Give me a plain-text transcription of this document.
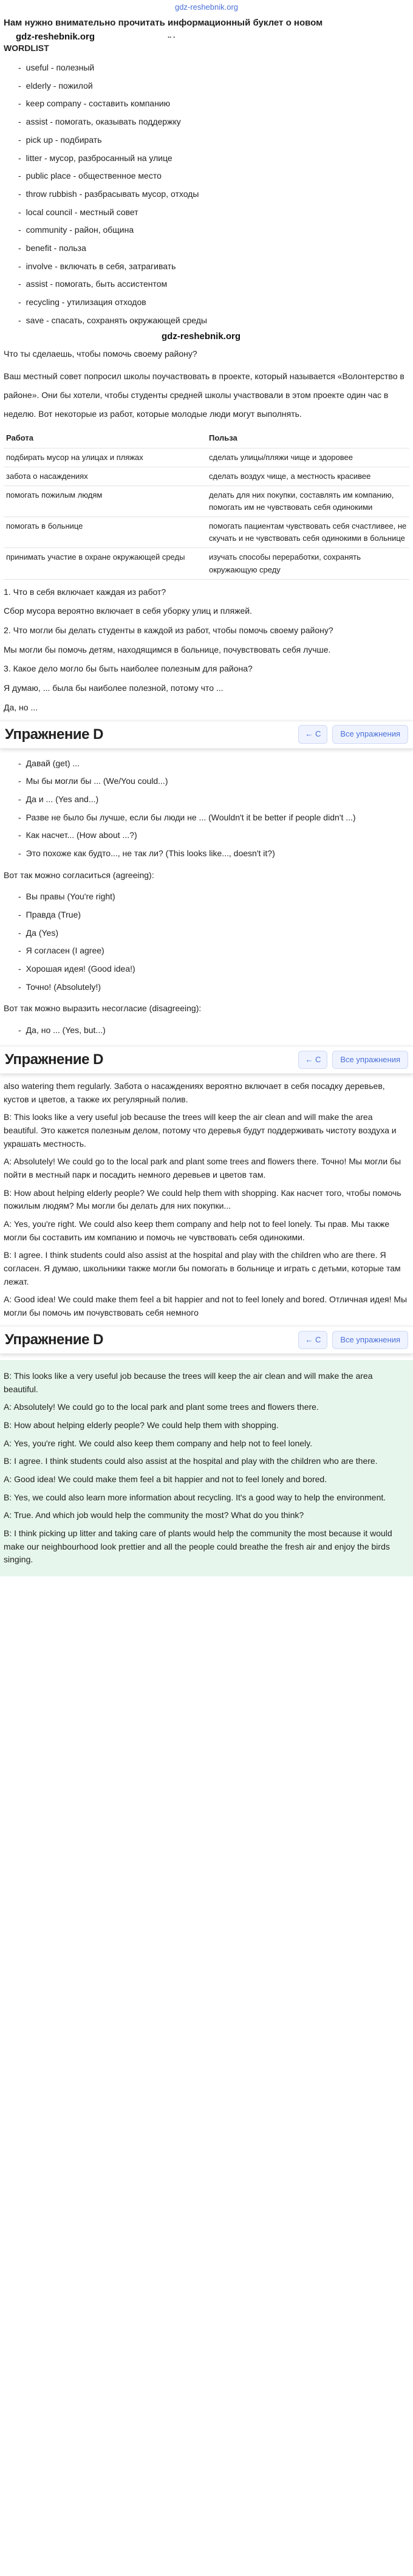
gdz-reshebnik.org
Нам нужно внимательно прочитать информационный буклет о новом
gdz-reshebnik.org	.. .
WORDLIST
- useful - полезный
- elderly - пожилой
- keep company - составить компанию
- assist - помогать, оказывать поддержку
- pick up - подбирать
- litter - мусор, разбросанный на улице
- public place - общественное место
- throw rubbish - разбрасывать мусор, отходы
- local council - местный совет
- community - район, община
- benefit - польза
- involve - включать в себя, затрагивать
- assist - помогать, быть ассистентом
- recycling - утилизация отходов
- save - спасать, сохранять окружающей среды
gdz-reshebnik.org

Что ты сделаешь, чтобы помочь своему району?

Ваш местный совет попросил школы поучаствовать в проекте, который называется «Волонтерство в районе». Они бы хотели, чтобы студенты средней школы участвовали в этом проекте один час в неделю. Вот некоторые из работ, которые молодые люди могут выполнять.

Работа	Польза
подбирать мусор на улицах и пляжах	сделать улицы/пляжи чище и здоровее
забота о насаждениях	сделать воздух чище, а местность красивее
помогать пожилым людям	делать для них покупки, составлять им компанию, помогать им не чувствовать себя одинокими
помогать в больнице	помогать пациентам чувствовать себя счастливее, не скучать и не чувствовать себя одинокими в больнице
принимать участие в охране окружающей среды	изучать способы переработки, сохранять окружающую среду

1. Что в себя включает каждая из работ?

Сбор мусора вероятно включает в себя уборку улиц и пляжей.

2. Что могли бы делать студенты в каждой из работ, чтобы помочь своему району?

Мы могли бы помочь детям, находящимся в больнице, почувствовать себя лучше.

3. Какое дело могло бы быть наиболее полезным для района?

Я думаю, ... была бы наиболее полезной, потому что ...

Да, но ...

Упражнение D	← C	Все упражнения
- Давай (get) ...
- Мы бы могли бы ... (We/You could...)
- Да и ... (Yes and...)
- Разве не было бы лучше, если бы люди не ... (Wouldn't it be better if people didn't ...)
- Как насчет... (How about ...?)
- Это похоже как будто..., не так ли? (This looks like..., doesn't it?)

Вот так можно согласиться (agreeing):

- Вы правы (You're right)
- Правда (True)
- Да (Yes)
- Я согласен (I agree)
- Хорошая идея! (Good idea!)
- Точно! (Absolutely!)

Вот так можно выразить несогласие (disagreeing):

- Да, но ... (Yes, but...)
Упражнение D	← C	Все упражнения

also watering them regularly. Забота о насаждениях вероятно включает в себя посадку деревьев, кустов и цветов, а также их регулярный полив.

B: This looks like a very useful job because the trees will keep the air clean and will make the area beautiful. Это кажется полезным делом, потому что деревья будут поддерживать чистоту воздуха и украшать местность.

A: Absolutely! We could go to the local park and plant some trees and flowers there. Точно! Мы могли бы пойти в местный парк и посадить немного деревьев и цветов там.

B: How about helping elderly people? We could help them with shopping. Как насчет того, чтобы помочь пожилым людям? Мы могли бы делать для них покупки...

A: Yes, you're right. We could also keep them company and help not to feel lonely. Ты прав. Мы также могли бы составить им компанию и помочь не чувствовать себя одинокими.

B: I agree. I think students could also assist at the hospital and play with the children who are there. Я согласен. Я думаю, школьники также могли бы помогать в больнице и играть с детьми, которые там лежат.

A: Good idea! We could make them feel a bit happier and not to feel lonely and bored. Отличная идея! Мы могли бы помочь им почувствовать себя немного

Упражнение D	← C	Все упражнения

B: This looks like a very useful job because the trees will keep the air clean and will make the area beautiful.

A: Absolutely! We could go to the local park and plant some trees and flowers there.

B: How about helping elderly people? We could help them with shopping.

A: Yes, you're right. We could also keep them company and help not to feel lonely.

B: I agree. I think students could also assist at the hospital and play with the children who are there.

A: Good idea! We could make them feel a bit happier and not to feel lonely and bored.

B: Yes, we could also learn more information about recycling. It's a good way to help the environment.

A: True. And which job would help the community the most? What do you think?

B: I think picking up litter and taking care of plants would help the community the most because it would make our neighbourhood look prettier and all the people could breathe the fresh air and enjoy the birds singing.
